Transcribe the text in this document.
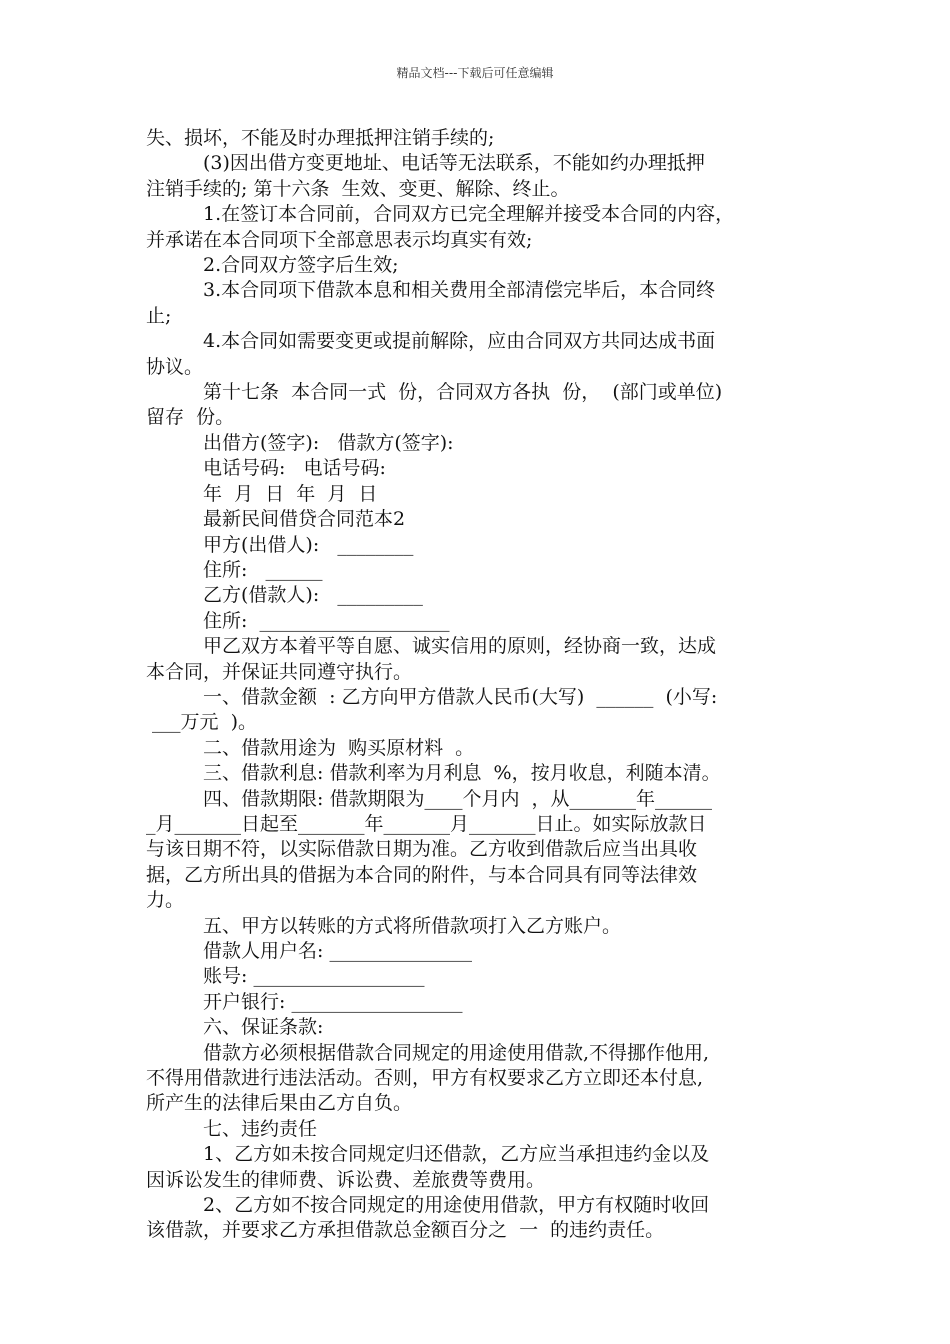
精品文档---下载后可任意编辑

失、损坏，不能及时办理抵押注销手续的;

(3)因出借方变更地址、电话等无法联系，不能如约办理抵押

注销手续的; 第十六条  生效、变更、解除、终止。

1.在签订本合同前，合同双方已完全理解并接受本合同的内容，

并承诺在本合同项下全部意思表示均真实有效;

2.合同双方签字后生效;

3.本合同项下借款本息和相关费用全部清偿完毕后，本合同终

止;

4.本合同如需要变更或提前解除，应由合同双方共同达成书面

协议。

第十七条  本合同一式  份，合同双方各执  份，  (部门或单位)

留存  份。

出借方(签字):   借款方(签字):

电话号码:   电话号码:

年  月  日  年  月  日

最新民间借贷合同范本2

甲方(出借人):   ________

住所:   ______

乙方(借款人):   _________

住所:  ____________________

甲乙双方本着平等自愿、诚实信用的原则，经协商一致，达成

本合同，并保证共同遵守执行。

一、借款金额  : 乙方向甲方借款人民币(大写)  ______  (小写:

___万元  )。

二、借款用途为  购买原材料  。

三、借款利息: 借款利率为月利息  %，按月收息，利随本清。

四、借款期限: 借款期限为____个月内  ，从_______年______

_月_______日起至_______年_______月_______日止。如实际放款日

与该日期不符，以实际借款日期为准。乙方收到借款后应当出具收

据，乙方所出具的借据为本合同的附件，与本合同具有同等法律效

力。

五、甲方以转账的方式将所借款项打入乙方账户。

借款人用户名: _______________

账号: __________________

开户银行: __________________

六、保证条款:

借款方必须根据借款合同规定的用途使用借款,不得挪作他用,

不得用借款进行违法活动。否则，甲方有权要求乙方立即还本付息,

所产生的法律后果由乙方自负。

七、违约责任

1、乙方如未按合同规定归还借款，乙方应当承担违约金以及

因诉讼发生的律师费、诉讼费、差旅费等费用。

2、乙方如不按合同规定的用途使用借款，甲方有权随时收回

该借款，并要求乙方承担借款总金额百分之  一  的违约责任。
